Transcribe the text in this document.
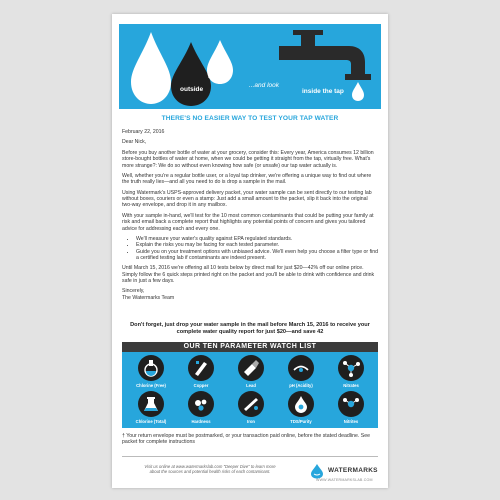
Think
outside
the
bottle
...and look
inside the tap
THERE'S NO EASIER WAY TO TEST YOUR TAP WATER

February 22, 2016

Dear Nick,

Before you buy another bottle of water at your grocery, consider this: Every year, America consumes 12 billion store-bought bottles of water at home, when we could be getting it straight from the tap, virtually free. What's more strange?: We do so without even knowing how safe (or unsafe) our tap water actually is.

Well, whether you're a regular bottle user, or a loyal tap drinker, we're offering a unique way to find out where the truth really lies—and all you need to do is drop a sample in the mail.

Using Watermark's USPS-approved delivery packet, your water sample can be sent directly to our testing lab without boxes, couriers or even a stamp: Just add a small amount to the packet, slip it back into the original two-way envelope, and drop it in any mailbox.

With your sample in-hand, we'll test for the 10 most common contaminants that could be putting your family at risk and email back a complete report that highlights any potential points of concern and gives you tailored advice for addressing each and every one.

• We'll measure your water's quality against EPA regulated standards.
• Explain the risks you may be facing for each tested parameter.
• Guide you on your treatment options with unbiased advice. We'll even help you choose a filter type or find a certified testing lab if contaminants are indeed present.

Until March 15, 2016 we're offering all 10 tests below by direct mail for just $20—42% off our online price. Simply follow the 6 quick steps printed right on the packet and you'll be able to drink with confidence and drink safe in just a few days.

Sincerely,

The Watermarks Team

Don't forget, just drop your water sample in the mail before March 15, 2016 to receive your complete water quality report for just $20—and save 42
OUR TEN PARAMETER WATCH LIST
Chlorine (Free)	Copper	Lead	pH (Acidity)	Nitrates
Chlorine (Total)	Hardness	Iron	TDS/Purity	Nitrites
† Your return envelope must be postmarked, or your transaction paid online, before the stated deadline. See packet for complete instructions
Visit us online at www.watermarkslab.com "Deeper Dive" to learn more about the sources and potential health risks of each contaminant.	WATERMARKS
WWW.WATERMARKSLAB.COM
